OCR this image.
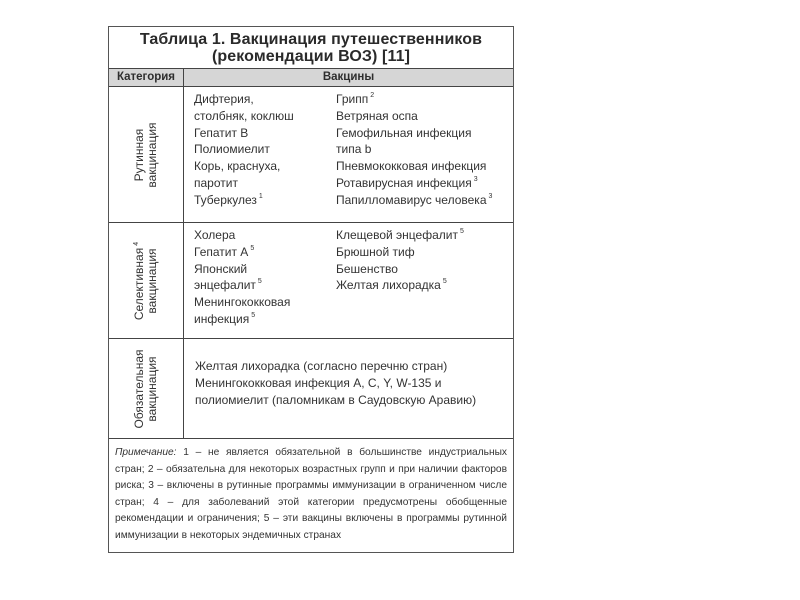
Таблица 1. Вакцинация путешественников
(рекомендации ВОЗ) [11]
Категория	Вакцины
Рутинная вакцинация
Дифтерия,
столбняк, коклюш
Гепатит В
Полиомиелит
Корь, краснуха,
паротит
Туберкулез $^1$
Грипп $^2$
Ветряная оспа
Гемофильная инфекция
типа b
Пневмококковая инфекция
Ротавирусная инфекция $^3$
Папилломавирус человека $^3$
Селективная$^4$
вакцинация
Холера
Гепатит А $^5$
Японский
энцефалит $^5$
Менингококковая
инфекция $^5$
Клещевой энцефалит $^5$
Брюшной тиф
Бешенство
Желтая лихорадка $^5$
Обязательная вакцинация	Желтая лихорадка (согласно перечню стран)
Менингококковая инфекция А, С, Y, W-135 и
полиомиелит (паломникам в Саудовскую Аравию)
Примечание: 1 – не является обязательной в большинстве индустриальных стран; 2 – обязательна для некоторых возрастных групп и при наличии факторов риска; 3 – включены в рутинные программы иммунизации в ограниченном числе стран; 4 – для заболеваний этой категории предусмотрены обобщенные рекомендации и ограничения; 5 – эти вакцины включены в программы рутинной иммунизации в некоторых эндемичных странах
